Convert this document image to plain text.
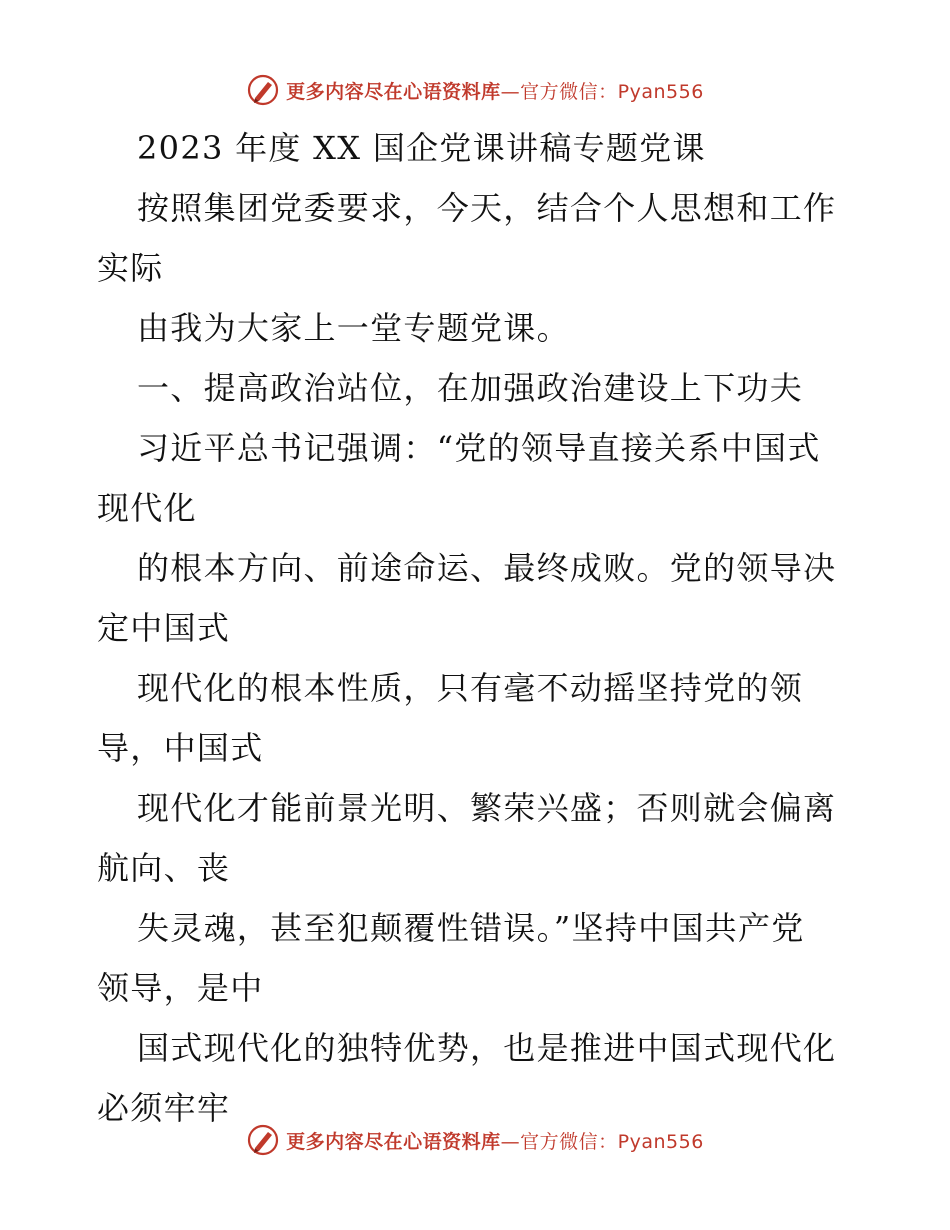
更多内容尽在心语资料库—官方微信：Pyan556
2023 年度 XX 国企党课讲稿专题党课
按照集团党委要求，今天，结合个人思想和工作
实际
由我为大家上一堂专题党课。
一、提高政治站位，在加强政治建设上下功夫
习近平总书记强调：“党的领导直接关系中国式
现代化
的根本方向、前途命运、最终成败。党的领导决
定中国式
现代化的根本性质，只有毫不动摇坚持党的领
导，中国式
现代化才能前景光明、繁荣兴盛；否则就会偏离
航向、丧
失灵魂，甚至犯颠覆性错误。”坚持中国共产党
领导，是中
国式现代化的独特优势，也是推进中国式现代化
必须牢牢
更多内容尽在心语资料库—官方微信：Pyan556
